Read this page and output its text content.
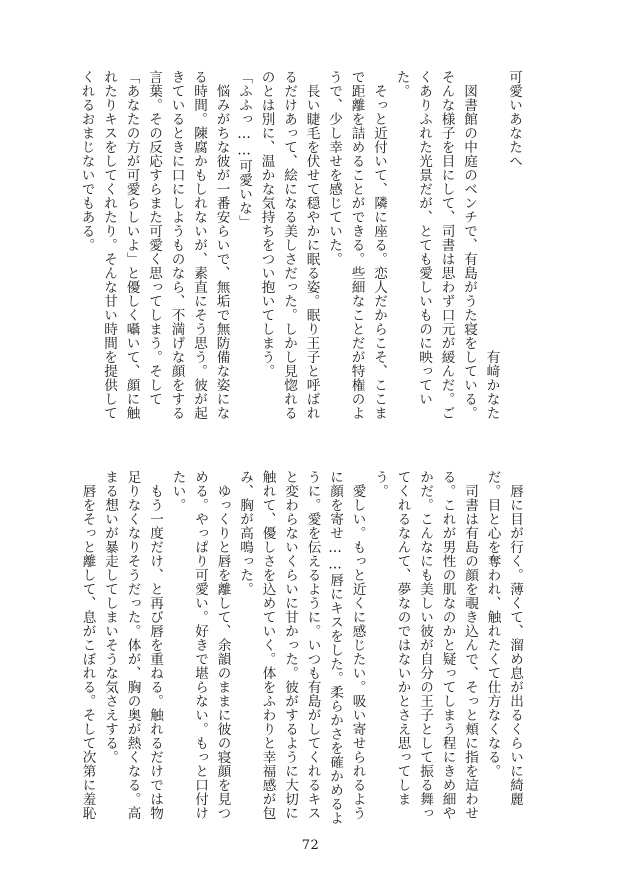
可愛いあなたへ
有﨑かなた

図書館の中庭のベンチで、有島がうた寝をしている。そんな様子を目にして、司書は思わず口元が緩んだ。ごくありふれた光景だが、とても愛しいものに映っていた。

そっと近付いて、隣に座る。恋人だからこそ、ここまで距離を詰めることができる。些細なことだが特権のようで、少し幸せを感じていた。

長い睫毛を伏せて穏やかに眠る姿。眠り王子と呼ばれるだけあって、絵になる美しさだった。しかし見惚れるのとは別に、温かな気持ちをつい抱いてしまう。

「ふふっ……可愛いな」

悩みがちな彼が一番安らいで、無垢で無防備な姿になる時間。陳腐かもしれないが、素直にそう思う。彼が起きているときに口にしようものなら、不満げな顔をする言葉。その反応すらまた可愛く思ってしまう。そして「あなたの方が可愛らしいよ」と優しく囁いて、顔に触れたりキスをしてくれたり。そんな甘い時間を提供してくれるおまじないでもある。

唇に目が行く。薄くて、溜め息が出るくらいに綺麗だ。目と心を奪われ、触れたくて仕方なくなる。

司書は有島の顔を覗き込んで、そっと頬に指を這わせる。これが男性の肌なのかと疑ってしまう程にきめ細やかだ。こんなにも美しい彼が自分の王子として振る舞ってくれるなんて、夢なのではないかとさえ思ってしまう。

愛しい。もっと近くに感じたい。吸い寄せられるように顔を寄せ……唇にキスをした。柔らかさを確かめるように。愛を伝えるように。いつも有島がしてくれるキスと変わらないくらいに甘かった。彼がするように大切に触れて、優しさを込めていく。体をふわりと幸福感が包み、胸が高鳴った。

ゆっくりと唇を離して、余韻のままに彼の寝顔を見つめる。やっぱり可愛い。好きで堪らない。もっと口付けたい。

もう一度だけ、と再び唇を重ねる。触れるだけでは物足りなくなりそうだった。体が、胸の奥が熱くなる。高まる想いが暴走してしまいそうな気さえする。

唇をそっと離して、息がこぼれる。そして次第に羞恥

72
